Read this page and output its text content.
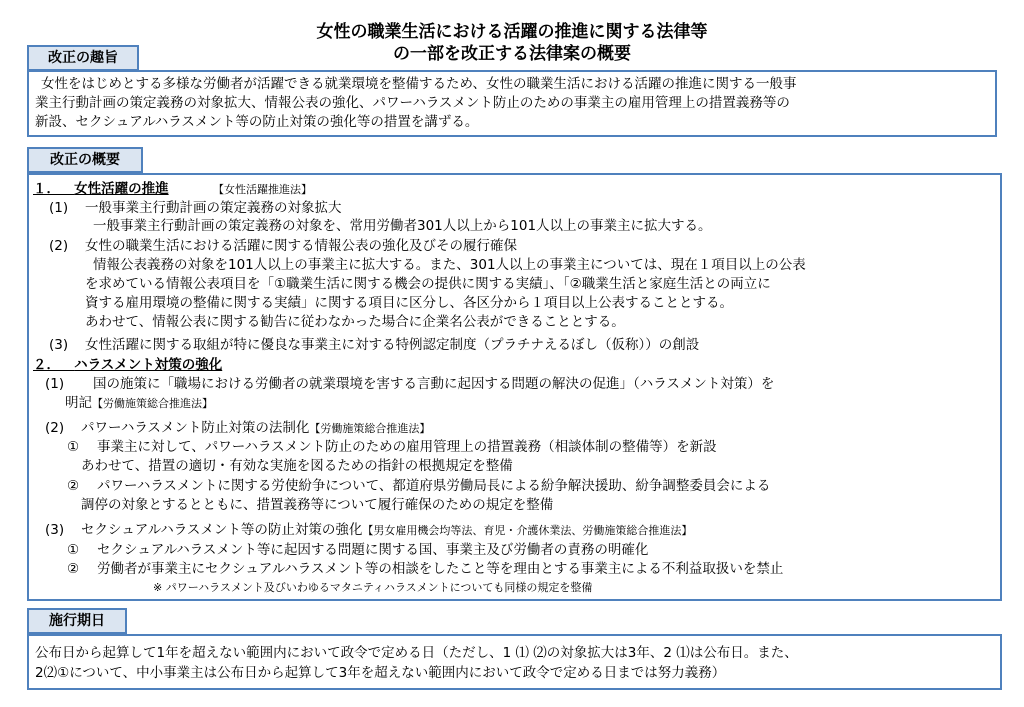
女性の職業生活における活躍の推進に関する法律等
の一部を改正する法律案の概要
改正の趣旨
女性をはじめとする多様な労働者が活躍できる就業環境を整備するため、女性の職業生活における活躍の推進に関する一般事
業主行動計画の策定義務の対象拡大、情報公表の強化、パワーハラスメント防止のための事業主の雇用管理上の措置義務等の
新設、セクシュアルハラスメント等の防止対策の強化等の措置を講ずる。
改正の概要
１． 女性活躍の推進	【女性活躍推進法】
(1) 一般事業主行動計画の策定義務の対象拡大
一般事業主行動計画の策定義務の対象を、常用労働者301人以上から101人以上の事業主に拡大する。
(2) 女性の職業生活における活躍に関する情報公表の強化及びその履行確保
情報公表義務の対象を101人以上の事業主に拡大する。また、301人以上の事業主については、現在１項目以上の公表
を求めている情報公表項目を「①職業生活に関する機会の提供に関する実績」、「②職業生活と家庭生活との両立に
資する雇用環境の整備に関する実績」に関する項目に区分し、各区分から１項目以上公表することとする。
あわせて、情報公表に関する勧告に従わなかった場合に企業名公表ができることとする。
(3) 女性活躍に関する取組が特に優良な事業主に対する特例認定制度（プラチナえるぼし（仮称））の創設
２． ハラスメント対策の強化
(1) 国の施策に「職場における労働者の就業環境を害する言動に起因する問題の解決の促進」（ハラスメント対策）を
明記【労働施策総合推進法】
(2) パワーハラスメント防止対策の法制化【労働施策総合推進法】
① 事業主に対して、パワーハラスメント防止のための雇用管理上の措置義務（相談体制の整備等）を新設
あわせて、措置の適切・有効な実施を図るための指針の根拠規定を整備
② パワーハラスメントに関する労使紛争について、都道府県労働局長による紛争解決援助、紛争調整委員会による
調停の対象とするとともに、措置義務等について履行確保のための規定を整備
(3) セクシュアルハラスメント等の防止対策の強化【男女雇用機会均等法、育児・介護休業法、労働施策総合推進法】
① セクシュアルハラスメント等に起因する問題に関する国、事業主及び労働者の責務の明確化
② 労働者が事業主にセクシュアルハラスメント等の相談をしたこと等を理由とする事業主による不利益取扱いを禁止
※ パワーハラスメント及びいわゆるマタニティハラスメントについても同様の規定を整備
施行期日
公布日から起算して1年を超えない範囲内において政令で定める日（ただし、1 ⑴ ⑵の対象拡大は3年、2 ⑴は公布日。また、
2⑵①について、中小事業主は公布日から起算して3年を超えない範囲内において政令で定める日までは努力義務）
